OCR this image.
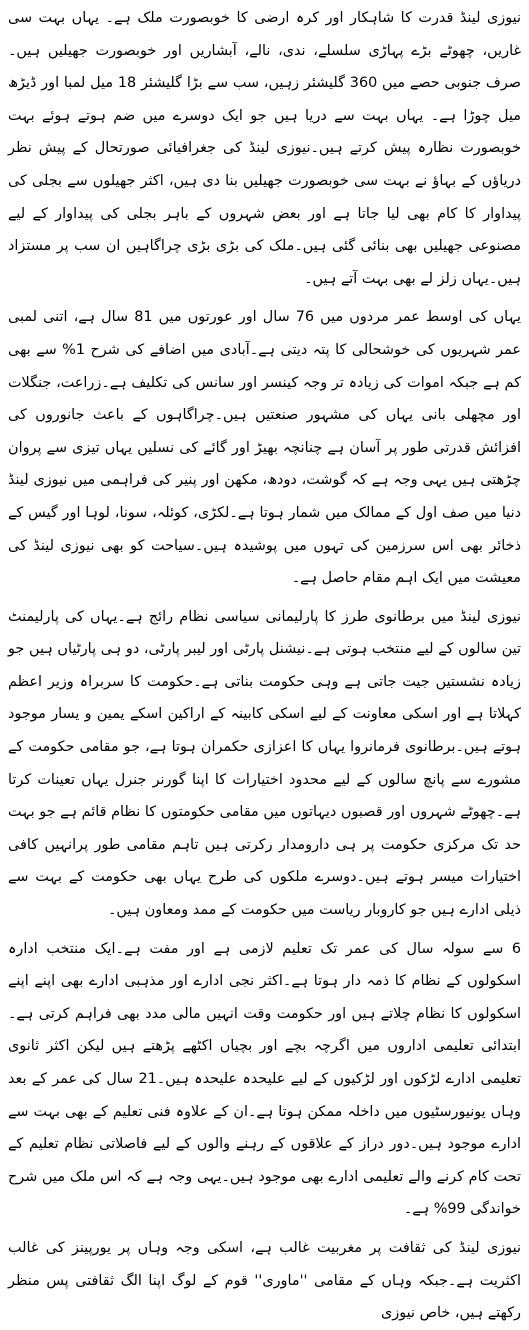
نیوزی لینڈ قدرت کا شاہکار اور کرہ ارضی کا خوبصورت ملک ہے۔ یہاں بہت سی غاریں، چھوٹے بڑے پہاڑی سلسلے، ندی، نالے، آبشاریں اور خوبصورت جھیلیں ہیں۔صرف جنوبی حصے میں 360 گلیشئر زہیں، سب سے بڑا گلیشئر 18 میل لمبا اور ڈیڑھ میل چوڑا ہے۔ یہاں بہت سے دریا ہیں جو ایک دوسرے میں ضم ہوتے ہوئے بہت خوبصورت نظارہ پیش کرتے ہیں۔نیوزی لینڈ کی جغرافیائی صورتحال کے پیش نظر دریاؤں کے بہاؤ نے بہت سی خوبصورت جھیلیں بنا دی ہیں، اکثر جھیلوں سے بجلی کی پیداوار کا کام بھی لیا جاتا ہے اور بعض شہروں کے باہر بجلی کی پیداوار کے لیے مصنوعی جھیلیں بھی بنائی گئی ہیں۔ملک کی بڑی بڑی چراگاہیں ان سب پر مستزاد ہیں۔یہاں زلز لے بھی بہت آتے ہیں۔

یہاں کی اوسط عمر مردوں میں 76 سال اور عورتوں میں 81 سال ہے، اتنی لمبی عمر شہریوں کی خوشحالی کا پتہ دیتی ہے۔آبادی میں اضافے کی شرح 1% سے بھی کم ہے جبکہ اموات کی زیادہ تر وجہ کینسر اور سانس کی تکلیف ہے۔زراعت، جنگلات اور مچھلی بانی یہاں کی مشہور صنعتیں ہیں۔چراگاہوں کے باعث جانوروں کی افزائش قدرتی طور پر آسان ہے چنانچہ بھیڑ اور گائے کی نسلیں یہاں تیزی سے پروان چڑھتی ہیں یہی وجہ ہے کہ گوشت، دودھ، مکھن اور پنیر کی فراہمی میں نیوزی لینڈ دنیا میں صف اول کے ممالک میں شمار ہوتا ہے۔لکڑی، کوئلہ، سونا، لوہا اور گیس کے ذخائر بھی اس سرزمین کی تہوں میں پوشیدہ ہیں۔سیاحت کو بھی نیوزی لینڈ کی معیشت میں ایک اہم مقام حاصل ہے۔

نیوزی لینڈ میں برطانوی طرز کا پارلیمانی سیاسی نظام رائج ہے۔یہاں کی پارلیمنٹ تین سالوں کے لیے منتخب ہوتی ہے۔نیشنل پارٹی اور لیبر پارٹی، دو ہی پارٹیاں ہیں جو زیادہ نشستیں جیت جاتی ہے وہی حکومت بناتی ہے۔حکومت کا سربراہ وزیر اعظم کہلاتا ہے اور اسکی معاونت کے لیے اسکی کابینہ کے اراکین اسکے یمین و یسار موجود ہوتے ہیں۔برطانوی فرمانروا یہاں کا اعزازی حکمران ہوتا ہے، جو مقامی حکومت کے مشورے سے پانچ سالوں کے لیے محدود اختیارات کا اپنا گورنر جنرل یہاں تعینات کرتا ہے۔چھوٹے شہروں اور قصبوں دیہاتوں میں مقامی حکومتوں کا نظام قائم ہے جو بہت حد تک مرکزی حکومت پر ہی دارومدار رکرتی ہیں تاہم مقامی طور پرانہیں کافی اختیارات میسر ہوتے ہیں۔دوسرے ملکوں کی طرح یہاں بھی حکومت کے بہت سے ذیلی ادارے ہیں جو کاروبار ریاست میں حکومت کے ممد ومعاون ہیں۔

6 سے سولہ سال کی عمر تک تعلیم لازمی ہے اور مفت ہے۔ایک منتخب ادارہ اسکولوں کے نظام کا ذمہ دار ہوتا ہے۔اکثر نجی ادارے اور مذہبی ادارے بھی اپنے اپنے اسکولوں کا نظام چلاتے ہیں اور حکومت وقت انہیں مالی مدد بھی فراہم کرتی ہے۔ابتدائی تعلیمی اداروں میں اگرچہ بچے اور بچیاں اکٹھے پڑھتے ہیں لیکن اکثر ثانوی تعلیمی ادارے لڑکوں اور لڑکیوں کے لیے علیحدہ علیحدہ ہیں۔21 سال کی عمر کے بعد وہاں یونیورسٹیوں میں داخلہ ممکن ہوتا ہے۔ان کے علاوہ فنی تعلیم کے بھی بہت سے ادارے موجود ہیں۔دور دراز کے علاقوں کے رہنے والوں کے لیے فاصلاتی نظام تعلیم کے تحت کام کرنے والے تعلیمی ادارے بھی موجود ہیں۔یہی وجہ ہے کہ اس ملک میں شرح خواندگی 99% ہے۔

نیوزی لینڈ کی ثقافت پر مغربیت غالب ہے، اسکی وجہ وہاں پر یورپینز کی غالب اکثریت ہے۔جبکہ وہاں کے مقامی ''ماوری'' قوم کے لوگ اپنا الگ ثقافتی پس منظر رکھتے ہیں، خاص نیوزی
